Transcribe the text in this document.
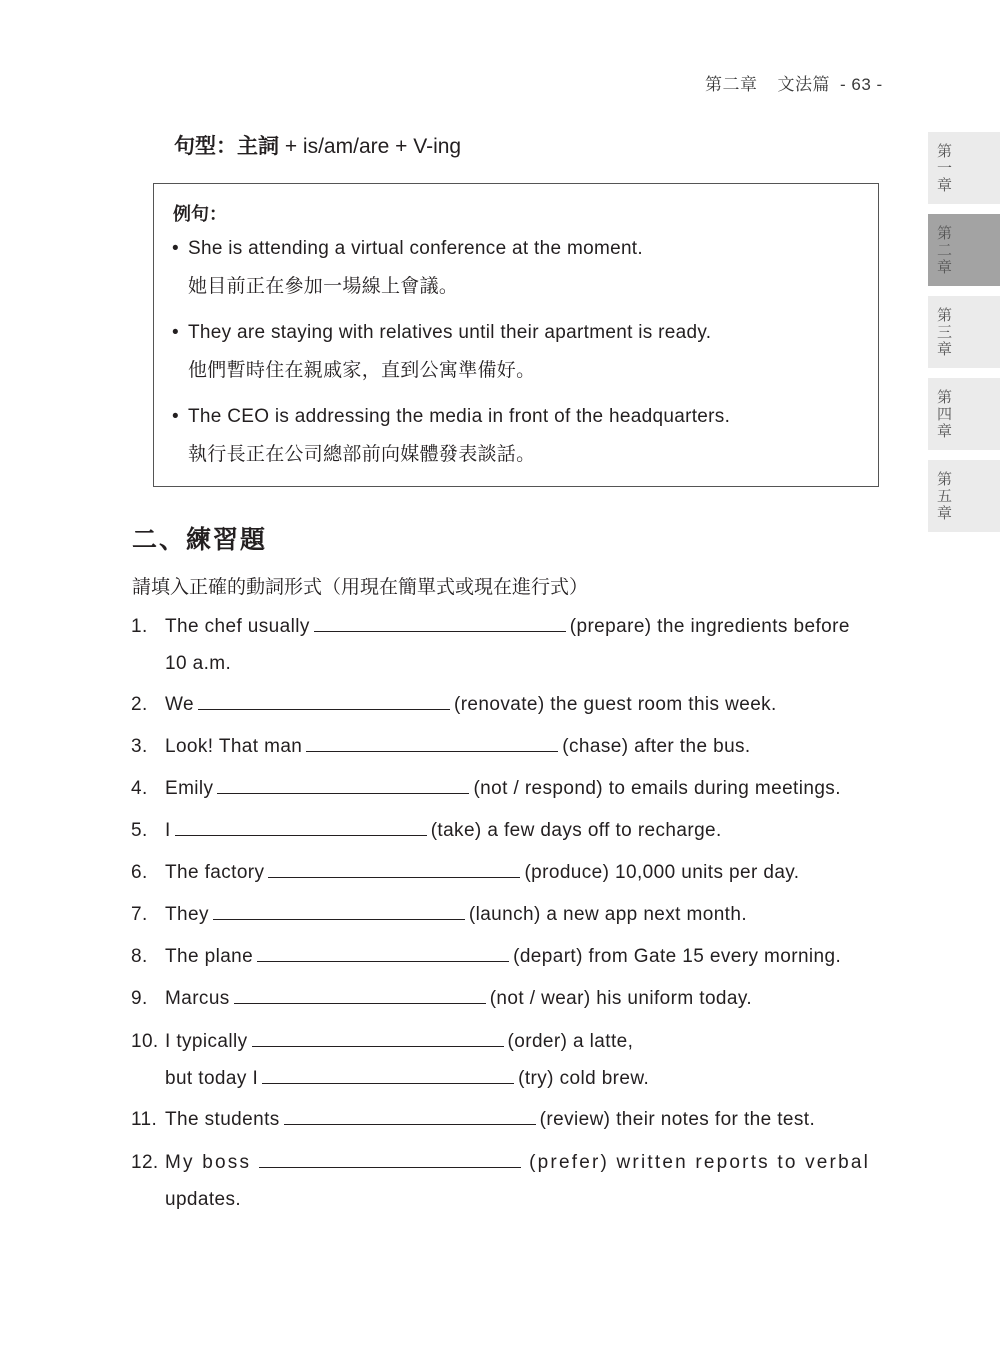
第二章 文法篇 - 63 -
第
一
章
第
二
章
第
三
章
第
四
章
第
五
章
句型：主詞 + is/am/are + V-ing
例句：
• She is attending a virtual conference at the moment.
她目前正在參加一場線上會議。
• They are staying with relatives until their apartment is ready.
他們暫時住在親戚家，直到公寓準備好。
• The CEO is addressing the media in front of the headquarters.
執行長正在公司總部前向媒體發表談話。
二、練習題
請填入正確的動詞形式（用現在簡單式或現在進行式）
1. The chef usually	(prepare) the ingredients before
10 a.m.
2. We	(renovate) the guest room this week.
3. Look! That man	(chase) after the bus.
4. Emily	(not / respond) to emails during meetings.
5. I	(take) a few days off to recharge.
6. The factory	(produce) 10,000 units per day.
7. They	(launch) a new app next month.
8. The plane	(depart) from Gate 15 every morning.
9. Marcus	(not / wear) his uniform today.
10. I typically	(order) a latte,
but today I	(try) cold brew.
11. The students	(review) their notes for the test.
12. My boss	(prefer) written reports to verbal
updates.
